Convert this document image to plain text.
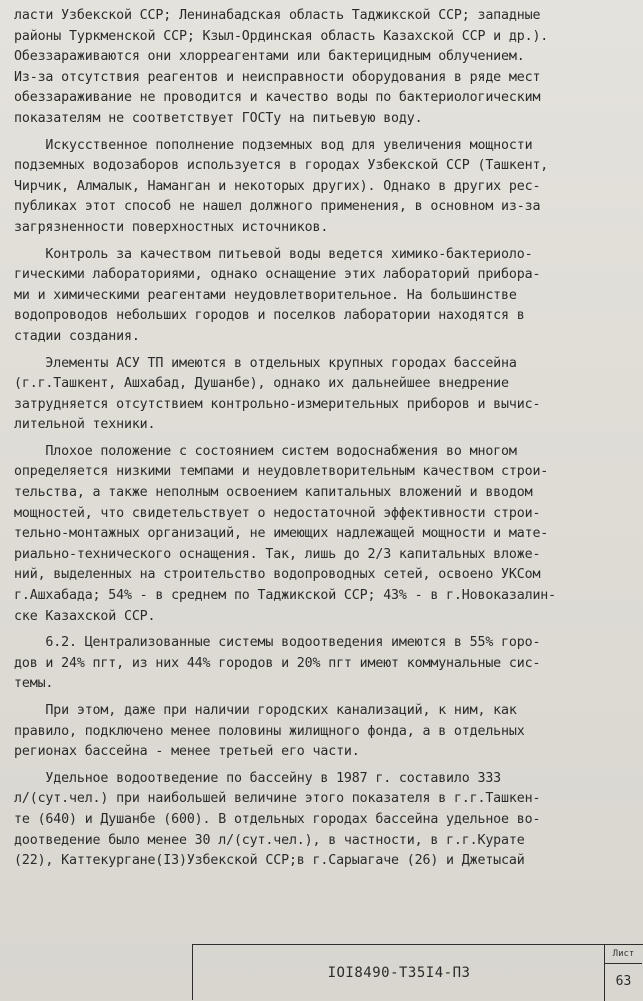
ласти Узбекской ССР; Ленинабадская область Таджикской ССР; западные
районы Туркменской ССР; Кзыл-Ординская область Казахской ССР и др.).
Обеззараживаются они хлорреагентами или бактерицидным облучением.
Из-за отсутствия реагентов и неисправности оборудования в ряде мест
обеззараживание не проводится и качество воды по бактериологическим
показателям не соответствует ГОСТу на питьевую воду.
Искусственное пополнение подземных вод для увеличения мощности
подземных водозаборов используется в городах Узбекской ССР (Ташкент,
Чирчик, Алмалык, Наманган и некоторых других). Однако в других рес-
публиках этот способ не нашел должного применения, в основном из-за
загрязненности поверхностных источников.
Контроль за качеством питьевой воды ведется химико-бактериоло-
гическими лабораториями, однако оснащение этих лабораторий прибора-
ми и химическими реагентами неудовлетворительное. На большинстве
водопроводов небольших городов и поселков лаборатории находятся в
стадии создания.
Элементы АСУ ТП имеются в отдельных крупных городах бассейна
(г.г.Ташкент, Ашхабад, Душанбе), однако их дальнейшее внедрение
затрудняется отсутствием контрольно-измерительных приборов и вычис-
лительной техники.
Плохое положение с состоянием систем водоснабжения во многом
определяется низкими темпами и неудовлетворительным качеством строи-
тельства, а также неполным освоением капитальных вложений и вводом
мощностей, что свидетельствует о недостаточной эффективности строи-
тельно-монтажных организаций, не имеющих надлежащей мощности и мате-
риально-технического оснащения. Так, лишь до 2/3 капитальных вложе-
ний, выделенных на строительство водопроводных сетей, освоено УКСом
г.Ашхабада; 54% - в среднем по Таджикской ССР; 43% - в г.Новоказалин-
ске Казахской ССР.
6.2. Централизованные системы водоотведения имеются в 55% горо-
дов и 24% пгт, из них 44% городов и 20% пгт имеют коммунальные сис-
темы.
При этом, даже при наличии городских канализаций, к ним, как
правило, подключено менее половины жилищного фонда, а в отдельных
регионах бассейна - менее третьей его части.
Удельное водоотведение по бассейну в 1987 г. составило 333
л/(сут.чел.) при наибольшей величине этого показателя в г.г.Ташкен-
те (640) и Душанбе (600). В отдельных городах бассейна удельное во-
доотведение было менее 30 л/(сут.чел.), в частности, в г.г.Курате
(22), Каттекургане(I3)Узбекской ССР;в г.Сарыагаче (26) и Джетысай
IOI8490-T35I4-П3
Лист
63
